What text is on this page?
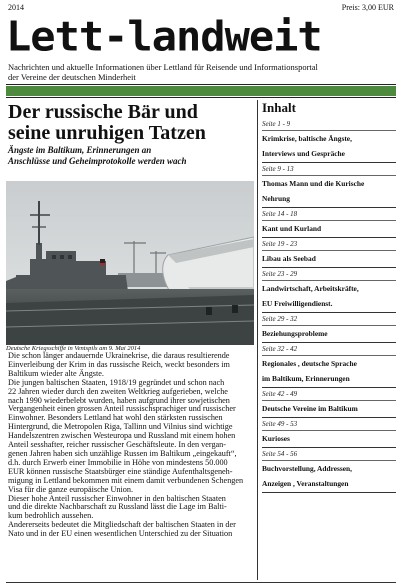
2014	Preis: 3,00 EUR
Lett-landweit
Nachrichten und aktuelle Informationen über Lettland für Reisende und Informationsportal
der Vereine der deutschen Minderheit
Der russische Bär und
seine unruhigen Tatzen
Ängste im Baltikum, Erinnerungen an
Anschlüsse und Geheimprotokolle werden wach
Deutsche Kriegsschiffe in Ventspils am 9. Mai 2014

Die schon länger andauernde Ukrainekrise, die daraus resultierende

Einverleibung der Krim in das russische Reich, weckt besonders im

Baltikum wieder alte Ängste.

Die jungen baltischen Staaten, 1918/19 gegründet und schon nach

22 Jahren wieder durch den zweiten Weltkrieg aufgerieben, welche

nach 1990 wiederbelebt wurden, haben aufgrund ihrer sowjetischen

Vergangenheit einen grossen Anteil russischsprachiger und russischer

Einwohner. Besonders Lettland hat wohl den stärksten russischen

Hintergrund, die Metropolen Riga, Tallinn und Vilnius sind wichtige

Handelszentren zwischen Westeuropa und Russland mit einem hohen

Anteil sesshafter, reicher russischer Geschäftsleute. In den vergan-

genen Jahren haben sich unzählige Russen im Baltikum „eingekauft“,

d.h. durch Erwerb einer Immobilie in Höhe von mindestens 50.000

EUR können russische Staatsbürger eine ständige Aufenthaltsgeneh-

migung in Lettland bekommen mit einem damit verbundenen Schengen

Visa für die ganze europäische Union.

Dieser hohe Anteil russischer Einwohner in den baltischen Staaten

und die direkte Nachbarschaft zu Russland lässt die Lage im Balti-

kum bedrohlich aussehen.

Andererseits bedeutet die Mitgliedschaft der baltischen Staaten in der

Nato und in der EU einen wesentlichen Unterschied zu der Situation

Inhalt
Seite 1 - 9
Krimkrise, baltische Ängste,
Interviews und Gespräche
Seite 9 - 13
Thomas Mann und die Kurische
Nehrung
Seite 14 - 18
Kant und Kurland
Seite 19 - 23
Libau als Seebad
Seite 23 - 29
Landwirtschaft, Arbeitskräfte,
EU Freiwilligendienst.
Seite 29 - 32
Beziehungsprobleme
Seite 32 - 42
Regionales , deutsche Sprache
im Baltikum, Erinnerungen
Seite 42 - 49
Deutsche Vereine im Baltikum
Seite 49 - 53
Kurioses
Seite 54 - 56
Buchvorstellung, Addressen,
Anzeigen , Veranstaltungen
